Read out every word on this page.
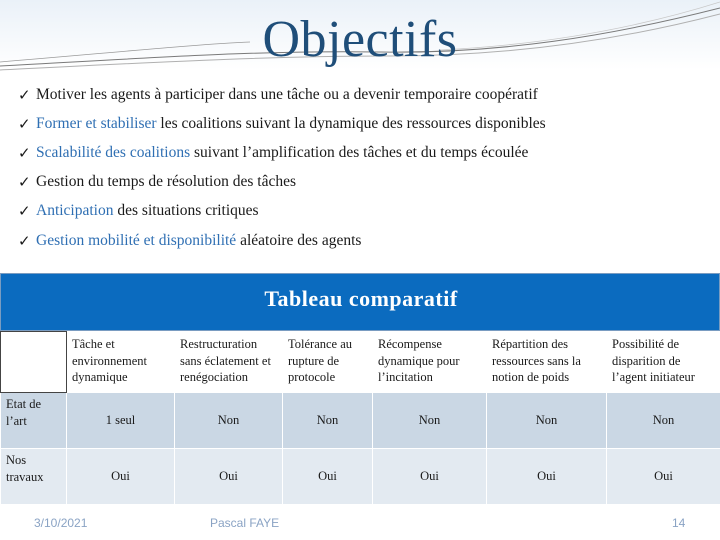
Objectifs
✓ Motiver les agents à participer dans une tâche ou a devenir temporaire coopératif
✓ Former et stabiliser les coalitions suivant la dynamique des ressources disponibles
✓ Scalabilité des coalitions suivant l’amplification des tâches et du temps écoulée
✓ Gestion du temps de résolution des tâches
✓ Anticipation des situations critiques
✓ Gestion mobilité et disponibilité aléatoire des agents
Tableau comparatif
	Tâche et environnement dynamique	Restructuration sans éclatement et renégociation	Tolérance au rupture de protocole	Récompense dynamique pour l’incitation	Répartition des ressources sans la notion de poids	Possibilité de disparition de l’agent initiateur
Etat de l’art	1 seul	Non	Non	Non	Non	Non
Nos travaux	Oui	Oui	Oui	Oui	Oui	Oui
3/10/2021	Pascal FAYE	14
